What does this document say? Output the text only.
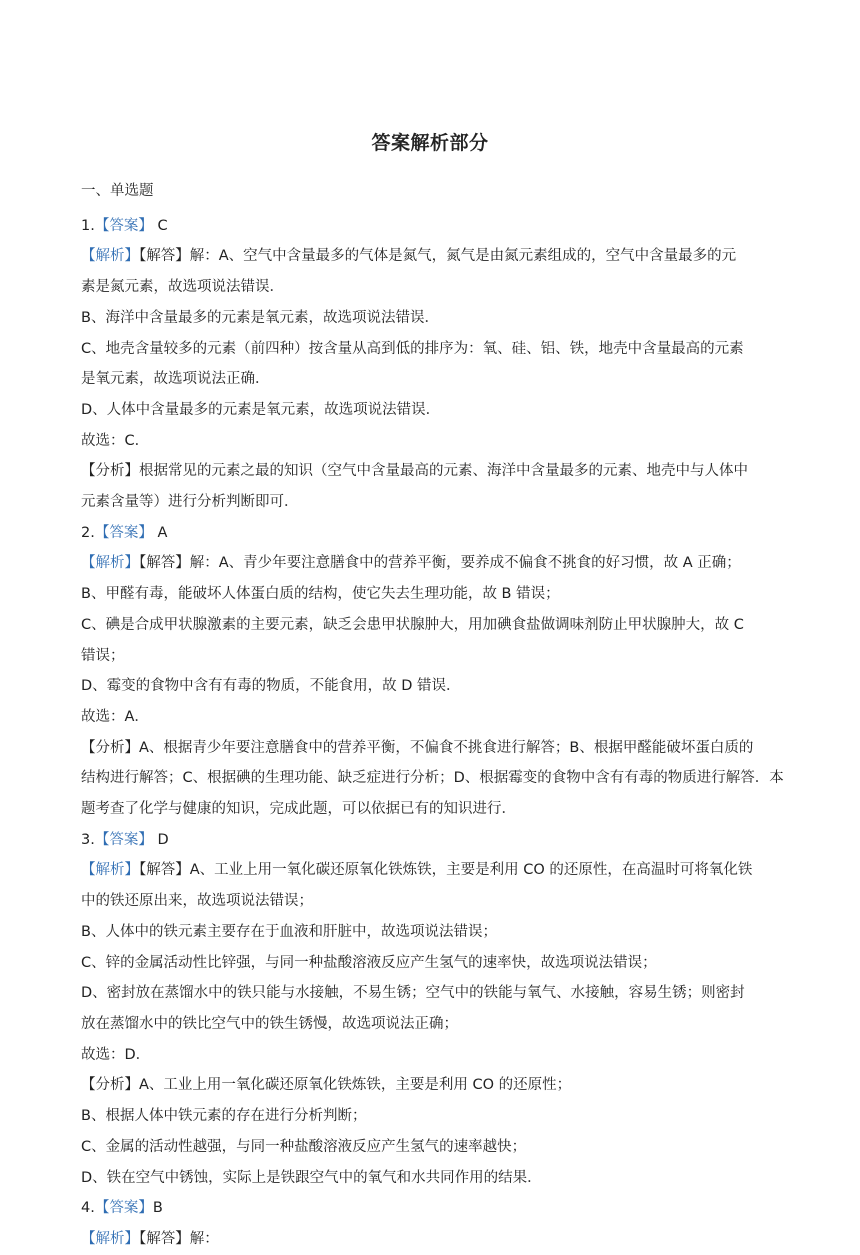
答案解析部分
一、单选题
1.【答案】 C
【解析】【解答】解：A、空气中含量最多的气体是氮气，氮气是由氮元素组成的，空气中含量最多的元
素是氮元素，故选项说法错误．
B、海洋中含量最多的元素是氧元素，故选项说法错误．
C、地壳含量较多的元素（前四种）按含量从高到低的排序为：氧、硅、铝、铁，地壳中含量最高的元素
是氧元素，故选项说法正确．
D、人体中含量最多的元素是氧元素，故选项说法错误．
故选：C．
【分析】根据常见的元素之最的知识（空气中含量最高的元素、海洋中含量最多的元素、地壳中与人体中
元素含量等）进行分析判断即可．
2.【答案】 A
【解析】【解答】解：A、青少年要注意膳食中的营养平衡，要养成不偏食不挑食的好习惯，故 A 正确；
B、甲醛有毒，能破坏人体蛋白质的结构，使它失去生理功能，故 B 错误；
C、碘是合成甲状腺激素的主要元素，缺乏会患甲状腺肿大，用加碘食盐做调味剂防止甲状腺肿大，故 C
错误；
D、霉变的食物中含有有毒的物质，不能食用，故 D 错误．
故选：A．
【分析】A、根据青少年要注意膳食中的营养平衡，不偏食不挑食进行解答；B、根据甲醛能破坏蛋白质的
结构进行解答；C、根据碘的生理功能、缺乏症进行分析；D、根据霉变的食物中含有有毒的物质进行解答．本
题考查了化学与健康的知识，完成此题，可以依据已有的知识进行．
3.【答案】 D
【解析】【解答】A、工业上用一氧化碳还原氧化铁炼铁，主要是利用 CO 的还原性，在高温时可将氧化铁
中的铁还原出来，故选项说法错误；
B、人体中的铁元素主要存在于血液和肝脏中，故选项说法错误；
C、锌的金属活动性比锌强，与同一种盐酸溶液反应产生氢气的速率快，故选项说法错误；
D、密封放在蒸馏水中的铁只能与水接触，不易生锈；空气中的铁能与氧气、水接触，容易生锈；则密封
放在蒸馏水中的铁比空气中的铁生锈慢，故选项说法正确；
故选：D．
【分析】A、工业上用一氧化碳还原氧化铁炼铁，主要是利用 CO 的还原性；
B、根据人体中铁元素的存在进行分析判断；
C、金属的活动性越强，与同一种盐酸溶液反应产生氢气的速率越快；
D、铁在空气中锈蚀，实际上是铁跟空气中的氧气和水共同作用的结果．
4.【答案】B
【解析】【解答】解：
